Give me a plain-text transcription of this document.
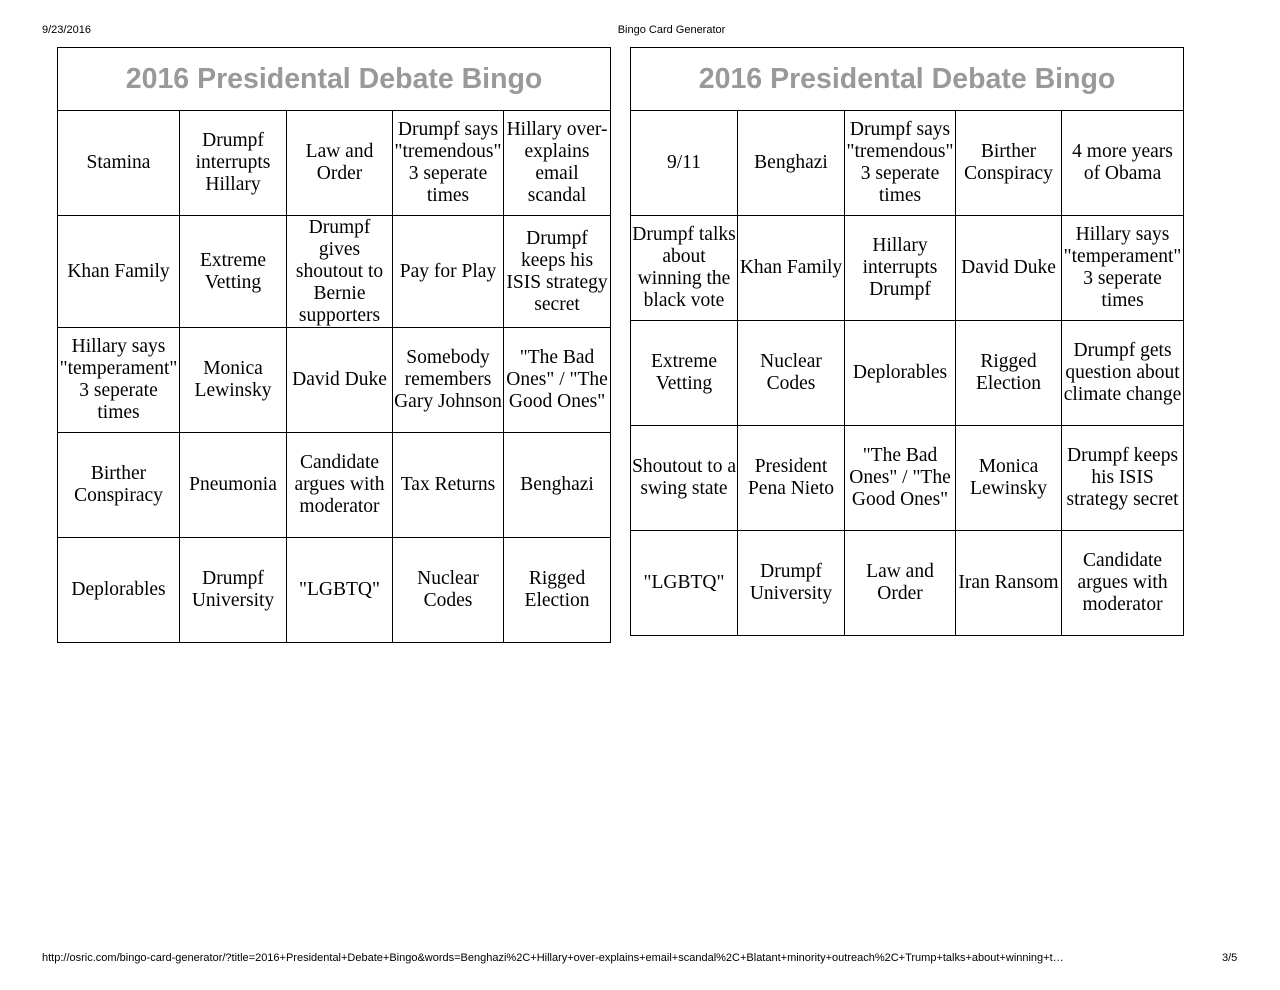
9/23/2016	Bingo Card Generator
2016 Presidental Debate Bingo				
Stamina	Drumpf interrupts Hillary	Law and Order	Drumpf says "tremendous" 3 seperate times	Hillary over-explains email scandal
Khan Family	Extreme Vetting	Drumpf gives shoutout to Bernie supporters	Pay for Play	Drumpf keeps his ISIS strategy secret
Hillary says "temperament" 3 seperate times	Monica Lewinsky	David Duke	Somebody remembers Gary Johnson	"The Bad Ones" / "The Good Ones"
Birther Conspiracy	Pneumonia	Candidate argues with moderator	Tax Returns	Benghazi
Deplorables	Drumpf University	"LGBTQ"	Nuclear Codes	Rigged Election
2016 Presidental Debate Bingo				
9/11	Benghazi	Drumpf says "tremendous" 3 seperate times	Birther Conspiracy	4 more years of Obama
Drumpf talks about winning the black vote	Khan Family	Hillary interrupts Drumpf	David Duke	Hillary says "temperament" 3 seperate times
Extreme Vetting	Nuclear Codes	Deplorables	Rigged Election	Drumpf gets question about climate change
Shoutout to a swing state	President Pena Nieto	"The Bad Ones" / "The Good Ones"	Monica Lewinsky	Drumpf keeps his ISIS strategy secret
"LGBTQ"	Drumpf University	Law and Order	Iran Ransom	Candidate argues with moderator
http://osric.com/bingo-card-generator/?title=2016+Presidental+Debate+Bingo&words=Benghazi%2C+Hillary+over-explains+email+scandal%2C+Blatant+minority+outreach%2C+Trump+talks+about+winning+t…	3/5
